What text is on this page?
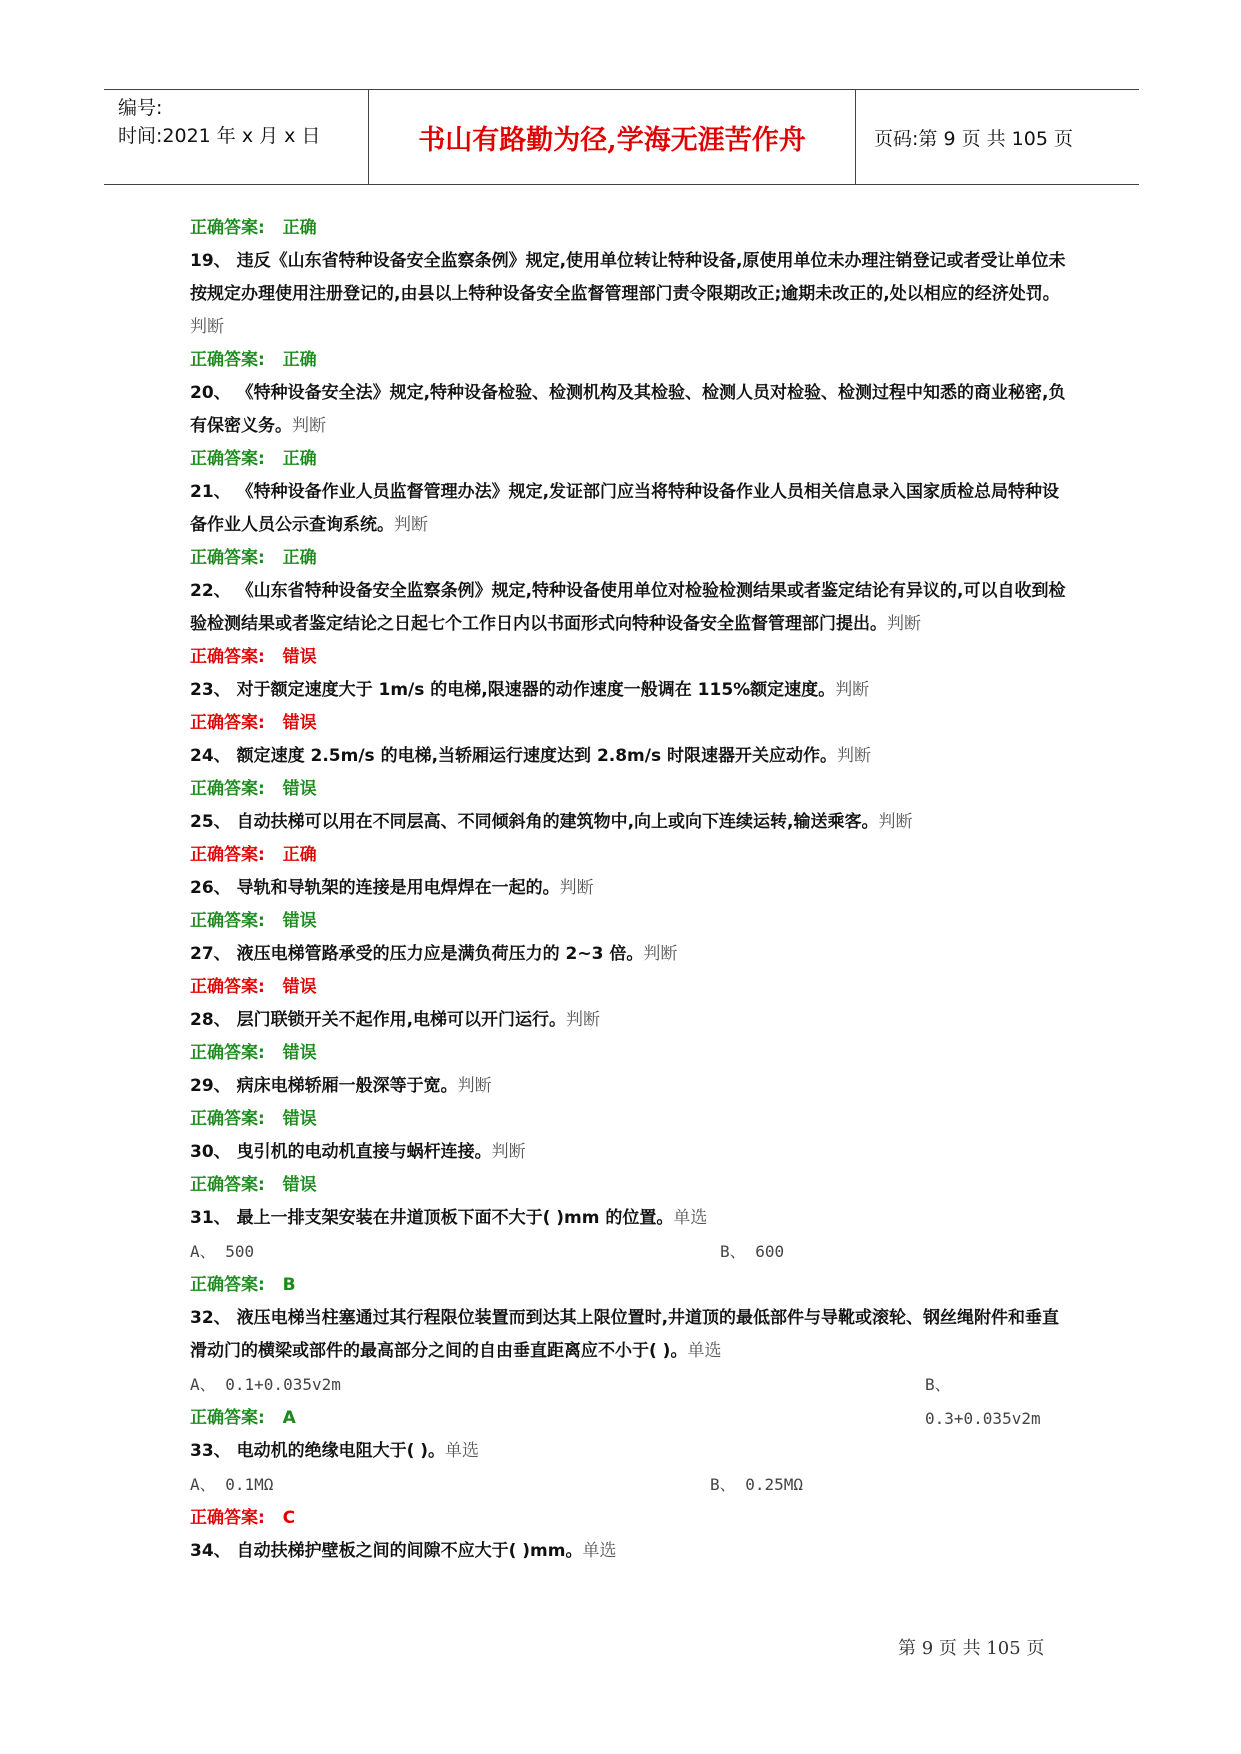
编号:
时间:2021 年 x 月 x 日	书山有路勤为径,学海无涯苦作舟	页码:第 9 页 共 105 页
正确答案: 正确
19、 违反《山东省特种设备安全监察条例》规定,使用单位转让特种设备,原使用单位未办理注销登记或者受让单位未按规定办理使用注册登记的,由县以上特种设备安全监督管理部门责令限期改正;逾期未改正的,处以相应的经济处罚。判断
正确答案: 正确
20、 《特种设备安全法》规定,特种设备检验、检测机构及其检验、检测人员对检验、检测过程中知悉的商业秘密,负有保密义务。判断
正确答案: 正确
21、 《特种设备作业人员监督管理办法》规定,发证部门应当将特种设备作业人员相关信息录入国家质检总局特种设备作业人员公示查询系统。判断
正确答案: 正确
22、 《山东省特种设备安全监察条例》规定,特种设备使用单位对检验检测结果或者鉴定结论有异议的,可以自收到检验检测结果或者鉴定结论之日起七个工作日内以书面形式向特种设备安全监督管理部门提出。判断
正确答案: 错误
23、 对于额定速度大于 1m/s 的电梯,限速器的动作速度一般调在 115%额定速度。判断
正确答案: 错误
24、 额定速度 2.5m/s 的电梯,当轿厢运行速度达到 2.8m/s 时限速器开关应动作。判断
正确答案: 错误
25、 自动扶梯可以用在不同层高、不同倾斜角的建筑物中,向上或向下连续运转,输送乘客。判断
正确答案: 正确
26、 导轨和导轨架的连接是用电焊焊在一起的。判断
正确答案: 错误
27、 液压电梯管路承受的压力应是满负荷压力的 2~3 倍。判断
正确答案: 错误
28、 层门联锁开关不起作用,电梯可以开门运行。判断
正确答案: 错误
29、 病床电梯轿厢一般深等于宽。判断
正确答案: 错误
30、 曳引机的电动机直接与蜗杆连接。判断
正确答案: 错误
31、 最上一排支架安装在井道顶板下面不大于( )mm 的位置。单选
A、 500	B、 600
正确答案: B
32、 液压电梯当柱塞通过其行程限位装置而到达其上限位置时,井道顶的最低部件与导靴或滚轮、钢丝绳附件和垂直滑动门的横梁或部件的最高部分之间的自由垂直距离应不小于( )。单选
A、 0.1+0.035v2m	B、 0.3+0.035v2m
正确答案: A
33、 电动机的绝缘电阻大于( )。单选
A、 0.1MΩ	B、 0.25MΩ
正确答案: C
34、 自动扶梯护壁板之间的间隙不应大于( )mm。单选
第 9 页 共 105 页
